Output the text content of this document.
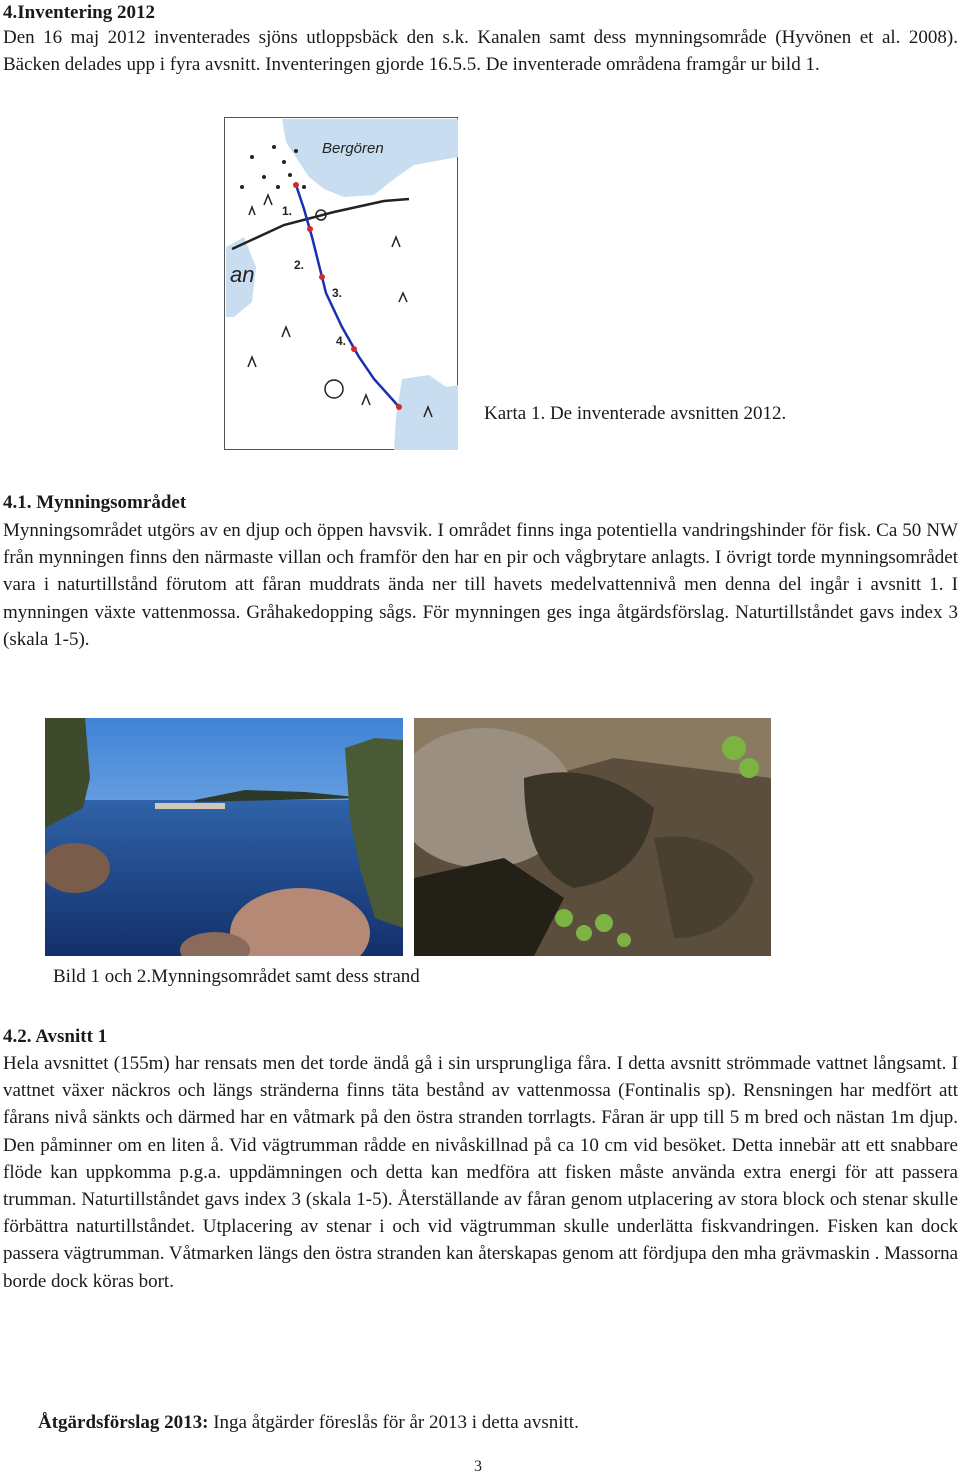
4.Inventering 2012
Den 16 maj 2012 inventerades sjöns utloppsbäck den s.k. Kanalen samt dess mynningsområde (Hyvönen et al. 2008). Bäcken delades upp i fyra avsnitt. Inventeringen gjorde 16.5.5. De inventerade områdena framgår ur bild 1.
Bergören
an
1.
2.
3.
4.
Karta 1. De inventerade avsnitten 2012.
4.1. Mynningsområdet
Mynningsområdet utgörs av en djup och öppen havsvik. I området finns inga potentiella vandringshinder för fisk. Ca 50 NW från mynningen finns den närmaste villan och framför den har en pir och vågbrytare anlagts. I övrigt torde mynningsområdet vara i naturtillstånd förutom att fåran muddrats ända ner till havets medelvattennivå men denna del ingår i avsnitt 1. I mynningen växte vattenmossa. Gråhakedopping sågs. För mynningen ges inga åtgärdsförslag. Naturtillståndet gavs index 3 (skala 1-5).
Bild 1 och 2.Mynningsområdet samt dess strand
4.2. Avsnitt 1
Hela avsnittet (155m) har rensats men det torde ändå gå i sin ursprungliga fåra. I detta avsnitt strömmade vattnet långsamt. I vattnet växer näckros och längs stränderna finns täta bestånd av vattenmossa (Fontinalis sp). Rensningen har medfört att fårans nivå sänkts och därmed har en våtmark på den östra stranden torrlagts. Fåran är upp till 5 m bred och nästan 1m djup. Den påminner om en liten å. Vid vägtrumman rådde en nivåskillnad på ca 10 cm vid besöket. Detta innebär att ett snabbare flöde kan uppkomma p.g.a. uppdämningen och detta kan medföra att fisken måste använda extra energi för att passera trumman. Naturtillståndet gavs index 3 (skala 1-5). Återställande av fåran genom utplacering av stora block och stenar skulle förbättra naturtillståndet. Utplacering av stenar i och vid vägtrumman skulle underlätta fiskvandringen. Fisken kan dock passera vägtrumman. Våtmarken längs den östra stranden kan återskapas genom att fördjupa den mha grävmaskin . Massorna borde dock köras bort.
Åtgärdsförslag 2013: Inga åtgärder föreslås för år 2013 i detta avsnitt.
3
